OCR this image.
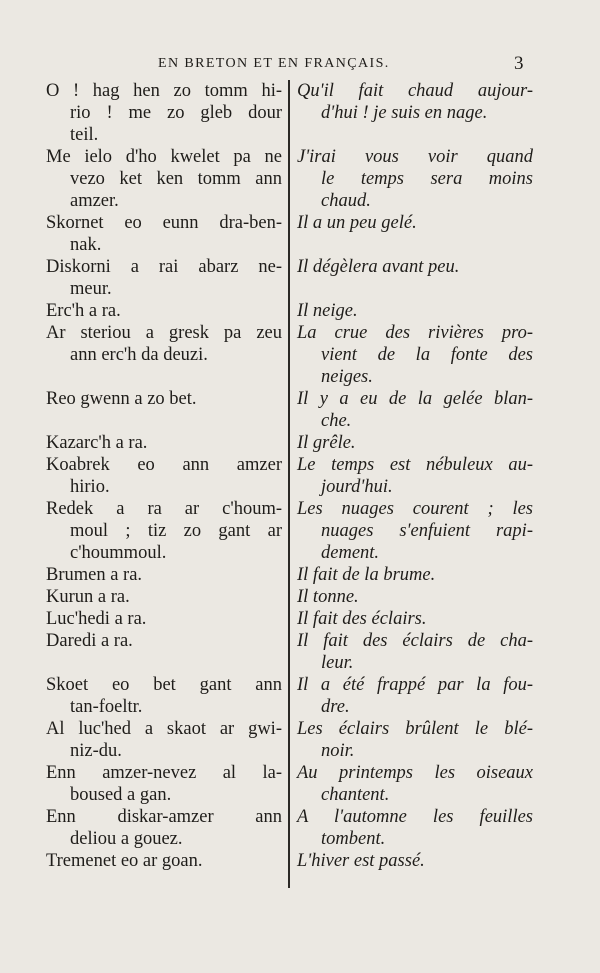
EN BRETON ET EN FRANÇAIS.	3
O ! hag hen zo tomm hi-
rio ! me zo gleb dour
teil.
Me ielo d'ho kwelet pa ne
vezo ket ken tomm ann
amzer.
Skornet eo eunn dra-ben-
nak.
Diskorni a rai abarz ne-
meur.
Erc'h a ra.
Ar steriou a gresk pa zeu
ann erc'h da deuzi.
Reo gwenn a zo bet.
Kazarc'h a ra.
Koabrek eo ann amzer
hirio.
Redek a ra ar c'houm-
moul ; tiz zo gant ar
c'hoummoul.
Brumen a ra.
Kurun a ra.
Luc'hedi a ra.
Daredi a ra.
Skoet eo bet gant ann
tan-foeltr.
Al luc'hed a skaot ar gwi-
niz-du.
Enn amzer-nevez al la-
boused a gan.
Enn diskar-amzer ann
deliou a gouez.
Tremenet eo ar goan.
Qu'il fait chaud aujour-
d'hui ! je suis en nage.
J'irai vous voir quand
le temps sera moins
chaud.
Il a un peu gelé.
Il dégèlera avant peu.
Il neige.
La crue des rivières pro-
vient de la fonte des
neiges.
Il y a eu de la gelée blan-
che.
Il grêle.
Le temps est nébuleux au-
jourd'hui.
Les nuages courent ; les
nuages s'enfuient rapi-
dement.
Il fait de la brume.
Il tonne.
Il fait des éclairs.
Il fait des éclairs de cha-
leur.
Il a été frappé par la fou-
dre.
Les éclairs brûlent le blé-
noir.
Au printemps les oiseaux
chantent.
A l'automne les feuilles
tombent.
L'hiver est passé.
